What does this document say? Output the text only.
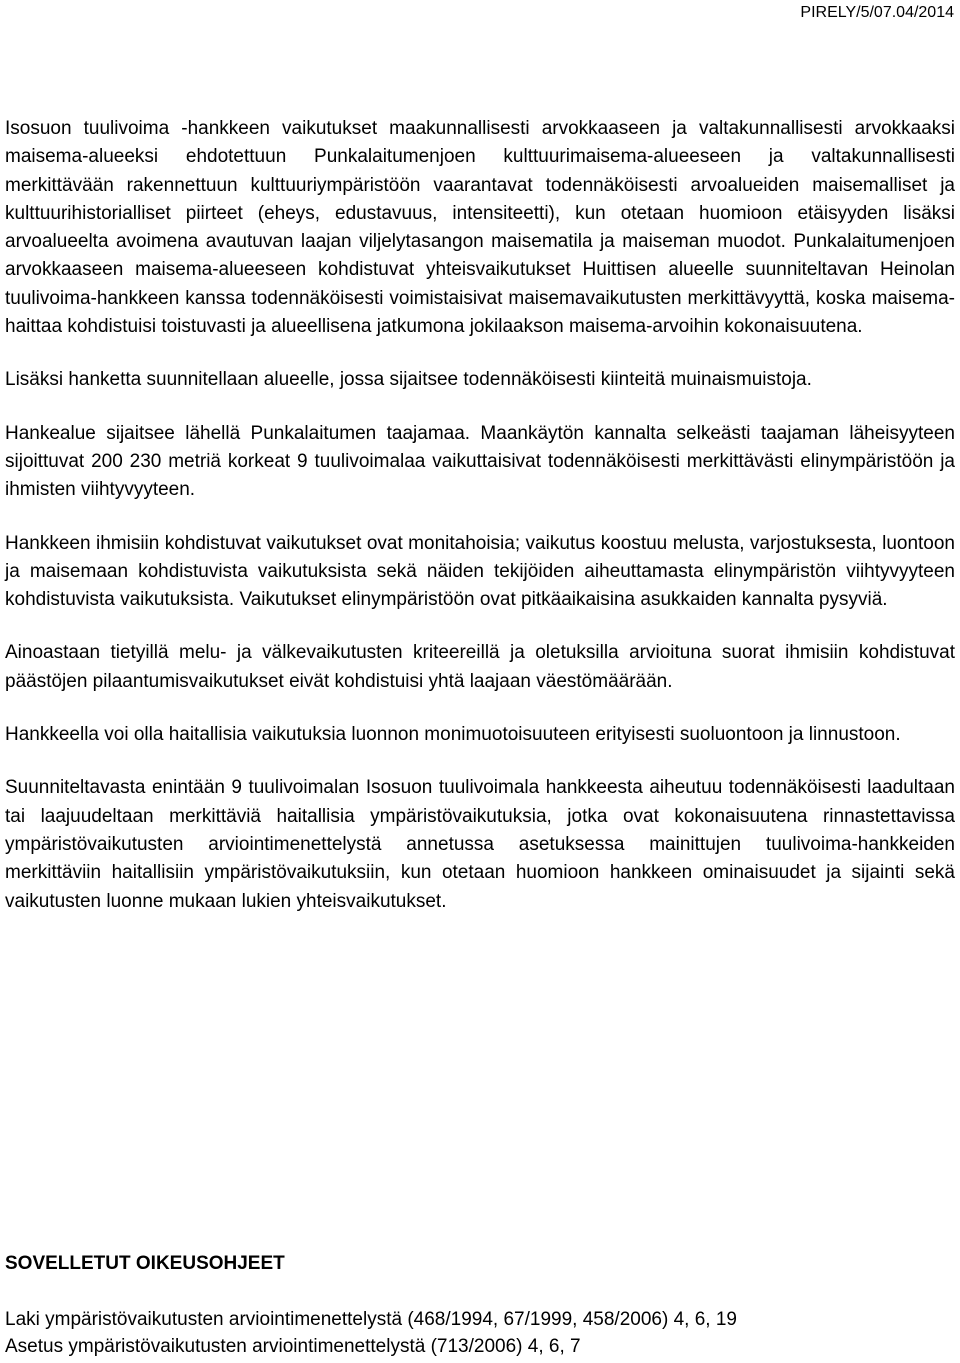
PIRELY/5/07.04/2014

Isosuon tuulivoima -hankkeen vaikutukset maakunnallisesti arvokkaaseen ja valtakunnallisesti arvokkaaksi maisema-alueeksi ehdotettuun Punkalaitumenjoen kulttuurimaisema-alueeseen ja valtakunnallisesti merkittävään rakennettuun kulttuuriympäristöön vaarantavat todennäköisesti arvoalueiden maisemalliset ja kulttuurihistorialliset piirteet (eheys, edustavuus, intensiteetti), kun otetaan huomioon etäisyyden lisäksi arvoalueelta avoimena avautuvan laajan viljelytasangon maisematila ja maiseman muodot. Punkalaitumenjoen arvokkaaseen maisema-alueeseen kohdistuvat yhteisvaikutukset Huittisen alueelle suunniteltavan Heinolan tuulivoima-hankkeen kanssa todennäköisesti voimistaisivat maisemavaikutusten merkittävyyttä, koska maisema-haittaa kohdistuisi toistuvasti ja alueellisena jatkumona jokilaakson maisema-arvoihin kokonaisuutena.

Lisäksi hanketta suunnitellaan alueelle, jossa sijaitsee todennäköisesti kiinteitä muinaismuistoja.

Hankealue sijaitsee lähellä Punkalaitumen taajamaa. Maankäytön kannalta selkeästi taajaman läheisyyteen sijoittuvat 200 230 metriä korkeat 9 tuulivoimalaa vaikuttaisivat todennäköisesti merkittävästi elinympäristöön ja ihmisten viihtyvyyteen.

Hankkeen ihmisiin kohdistuvat vaikutukset ovat monitahoisia; vaikutus koostuu melusta, varjostuksesta, luontoon ja maisemaan kohdistuvista vaikutuksista sekä näiden tekijöiden aiheuttamasta elinympäristön viihtyvyyteen kohdistuvista vaikutuksista. Vaikutukset elinympäristöön ovat pitkäaikaisina asukkaiden kannalta pysyviä.

Ainoastaan tietyillä melu- ja välkevaikutusten kriteereillä ja oletuksilla arvioituna suorat ihmisiin kohdistuvat päästöjen pilaantumisvaikutukset eivät kohdistuisi yhtä laajaan väestömäärään.

Hankkeella voi olla haitallisia vaikutuksia luonnon monimuotoisuuteen erityisesti suoluontoon ja linnustoon.

Suunniteltavasta enintään 9 tuulivoimalan Isosuon tuulivoimala hankkeesta aiheutuu todennäköisesti laadultaan tai laajuudeltaan merkittäviä haitallisia ympäristövaikutuksia, jotka ovat kokonaisuutena rinnastettavissa ympäristövaikutusten arviointimenettelystä annetussa asetuksessa mainittujen tuulivoima-hankkeiden merkittäviin haitallisiin ympäristövaikutuksiin, kun otetaan huomioon hankkeen ominaisuudet ja sijainti sekä vaikutusten luonne mukaan lukien yhteisvaikutukset.

SOVELLETUT OIKEUSOHJEET
Laki ympäristövaikutusten arviointimenettelystä (468/1994, 67/1999, 458/2006) 4, 6, 19
Asetus ympäristövaikutusten arviointimenettelystä (713/2006) 4, 6, 7
